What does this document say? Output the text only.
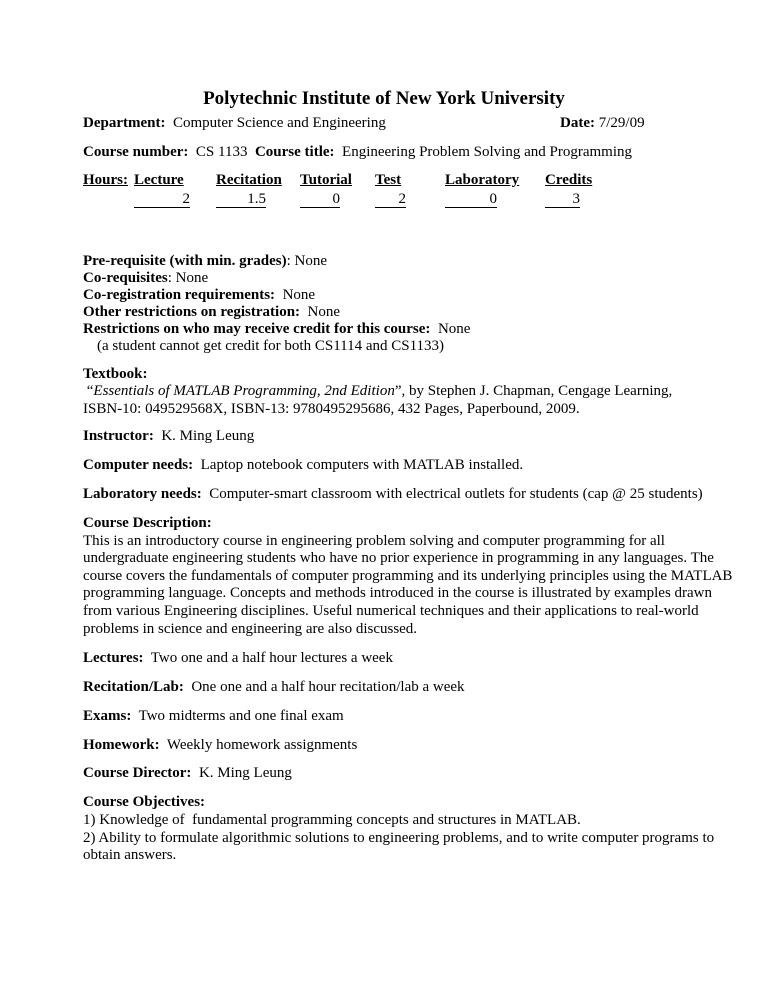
Polytechnic Institute of New York University
Department: Computer Science and Engineering	Date: 7/29/09
Course number: CS 1133 Course title: Engineering Problem Solving and Programming
Hours: Lecture
2
Recitation
1.5
Tutorial
0
Test
2
Laboratory
0
Credits
3
Pre-requisite (with min. grades): None
Co-requisites: None
Co-registration requirements: None
Other restrictions on registration: None
Restrictions on who may receive credit for this course: None
(a student cannot get credit for both CS1114 and CS1133)
Textbook:
“Essentials of MATLAB Programming, 2nd Edition”, by Stephen J. Chapman, Cengage Learning,
ISBN-10: 049529568X, ISBN-13: 9780495295686, 432 Pages, Paperbound, 2009.
Instructor: K. Ming Leung
Computer needs: Laptop notebook computers with MATLAB installed.
Laboratory needs: Computer-smart classroom with electrical outlets for students (cap @ 25 students)
Course Description:
This is an introductory course in engineering problem solving and computer programming for all undergraduate engineering students who have no prior experience in programming in any languages. The course covers the fundamentals of computer programming and its underlying principles using the MATLAB programming language. Concepts and methods introduced in the course is illustrated by examples drawn from various Engineering disciplines. Useful numerical techniques and their applications to real-world problems in science and engineering are also discussed.
Lectures: Two one and a half hour lectures a week
Recitation/Lab: One one and a half hour recitation/lab a week
Exams: Two midterms and one final exam
Homework: Weekly homework assignments
Course Director: K. Ming Leung
Course Objectives:
1) Knowledge of  fundamental programming concepts and structures in MATLAB.
2) Ability to formulate algorithmic solutions to engineering problems, and to write computer programs to obtain answers.
